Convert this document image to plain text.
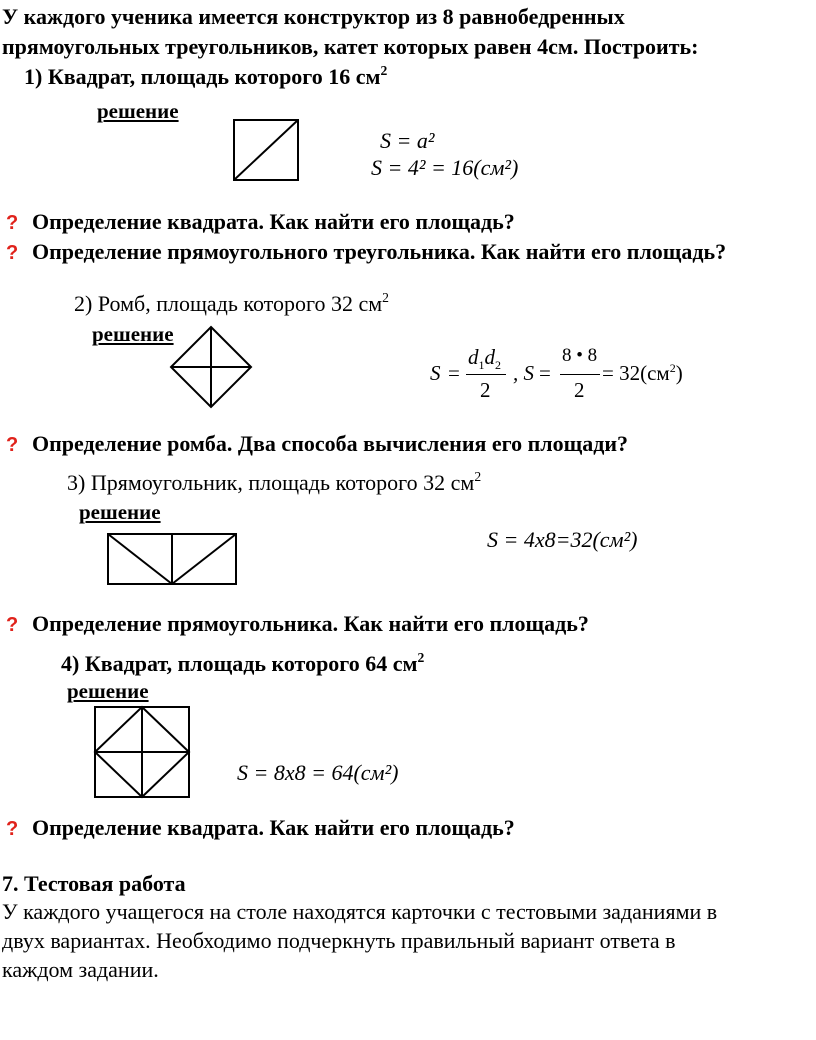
У каждого ученика имеется конструктор из 8 равнобедренных
прямоугольных треугольников, катет которых равен 4см. Построить:
1) Квадрат, площадь которого 16 $см^2$
решение
S = a²
S = 4² = 16(см²)
? Определение квадрата. Как найти его площадь?
? Определение прямоугольного треугольника. Как найти его площадь?
2) Ромб, площадь которого 32 $см^2$
решение
S =
$d_1d_2$
2
, S =
8 • 8
2
= $32(см^2)$
? Определение ромба. Два способа вычисления его площади?
3) Прямоугольник, площадь которого 32 $см^2$
решение
S = 4x8=32(см²)
? Определение прямоугольника. Как найти его площадь?
4) Квадрат, площадь которого 64 $см^2$
решение
S = 8x8 = 64(см²)
? Определение квадрата. Как найти его площадь?
7. Тестовая работа
У каждого учащегося на столе находятся карточки с тестовыми заданиями в
двух вариантах. Необходимо подчеркнуть правильный вариант ответа в
каждом задании.
